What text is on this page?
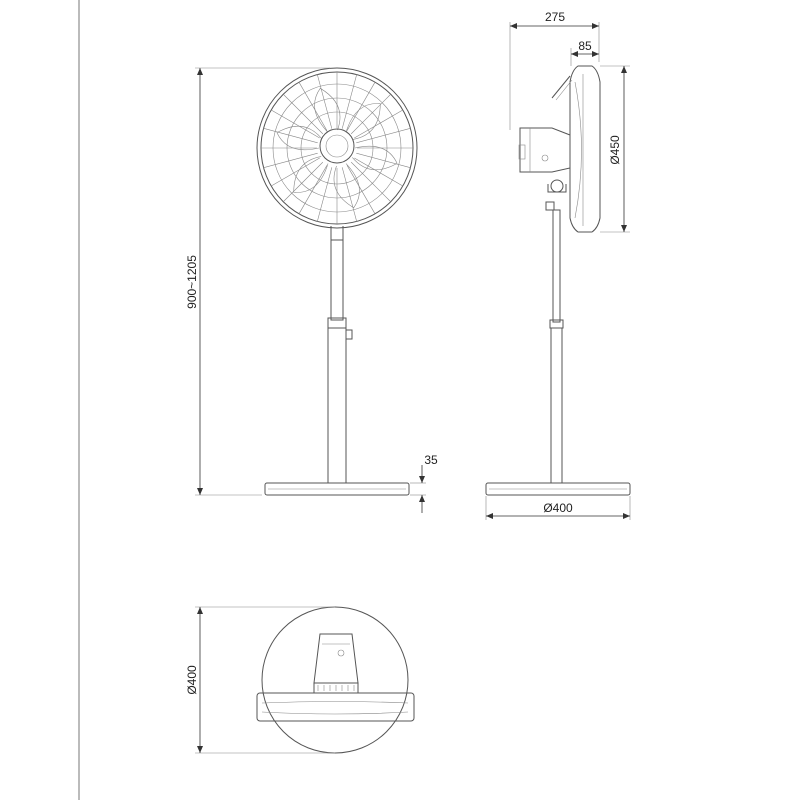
900~1205
35
275
85
Ø450
Ø400
Ø400
